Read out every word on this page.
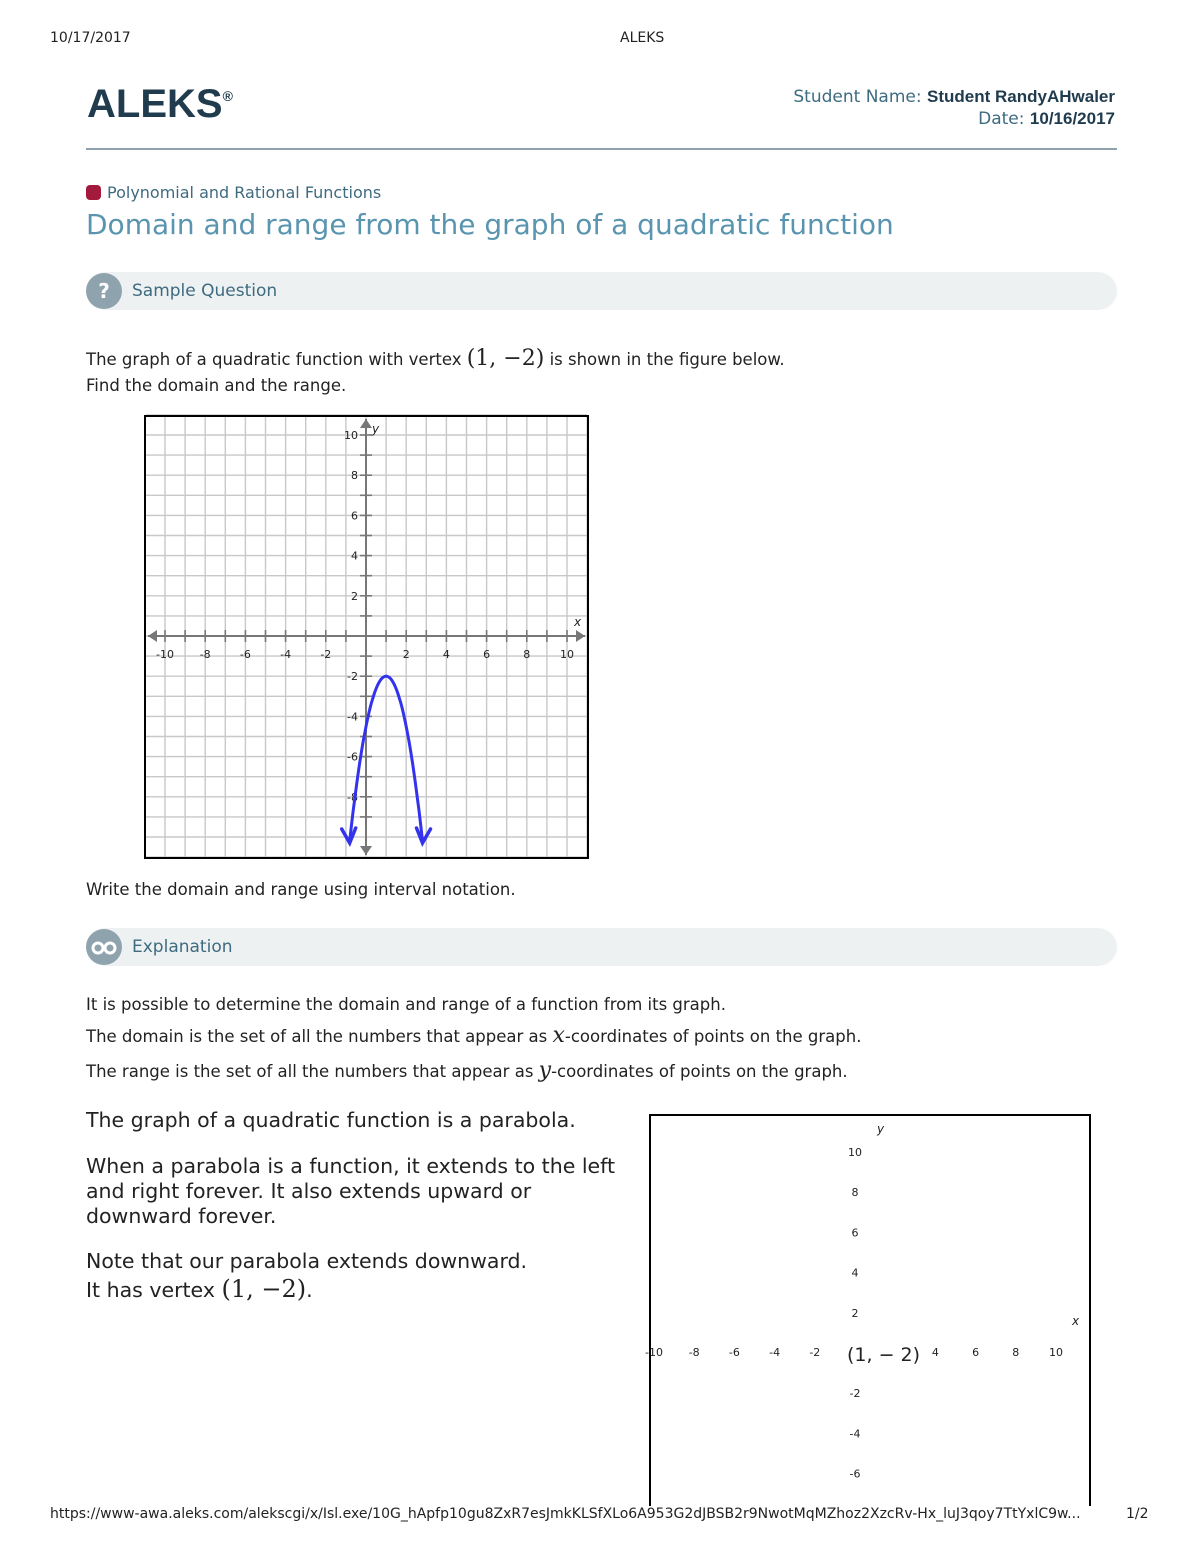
10/17/2017	ALEKS
ALEKS®	Student Name: Student RandyAHwaler
Date: 10/16/2017
Polynomial and Rational Functions
Domain and range from the graph of a quadratic function
?	Sample Question
The graph of a quadratic function with vertex (1, −2) is shown in the figure below.
Find the domain and the range.
-10 -8	-6	-4	-2	2	4	6	8	10
10
8
6
4
2
-2
-4
-6
-8
x
y
Write the domain and range using interval notation.
Explanation
It is possible to determine the domain and range of a function from its graph.
The domain is the set of all the numbers that appear as x-coordinates of points on the graph.
The range is the set of all the numbers that appear as y-coordinates of points on the graph.
The graph of a quadratic function is a parabola.
When a parabola is a function, it extends to the left and right forever. It also extends upward or downward forever.
Note that our parabola extends downward.
It has vertex (1, −2).
-10 -8	-6	-4	-2	4	6	8	10
10
8
6
4
2
-2
-4
-6
x
y
(1, − 2)
https://www-awa.aleks.com/alekscgi/x/Isl.exe/10G_hApfp10gu8ZxR7esJmkKLSfXLo6A953G2dJBSB2r9NwotMqMZhoz2XzcRv-Hx_luJ3qoy7TtYxlC9w...	1/2
